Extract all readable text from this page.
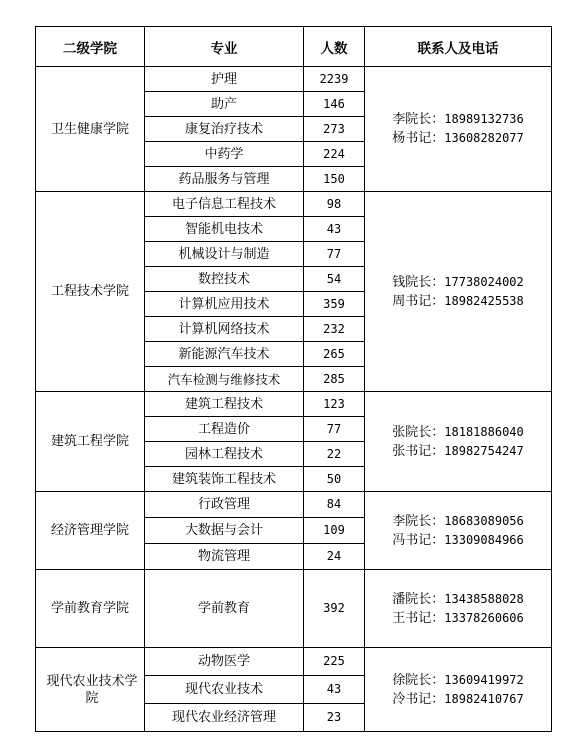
二级学院	专业	人数	联系人及电话
卫生健康学院	护理	2239	李院长：18989132736
杨书记：13608282077

	助产	146	
	康复治疗技术	273	
	中药学	224	
	药品服务与管理	150	
工程技术学院	电子信息工程技术	98	钱院长：17738024002
周书记：18982425538

	智能机电技术	43	
	机械设计与制造	77	
	数控技术	54	
	计算机应用技术	359	
	计算机网络技术	232	
	新能源汽车技术	265	
	汽车检测与维修技术	285	
建筑工程学院	建筑工程技术	123	张院长：18181886040
张书记：18982754247

	工程造价	77	
	园林工程技术	22	
	建筑装饰工程技术	50	
经济管理学院	行政管理	84	李院长：18683089056
冯书记：13309084966

	大数据与会计	109	
	物流管理	24	
学前教育学院	学前教育	392	潘院长：13438588028
王书记：13378260606

现代农业技术学院	动物医学	225	徐院长：13609419972
冷书记：18982410767

	现代农业技术	43	
	现代农业经济管理	23	
